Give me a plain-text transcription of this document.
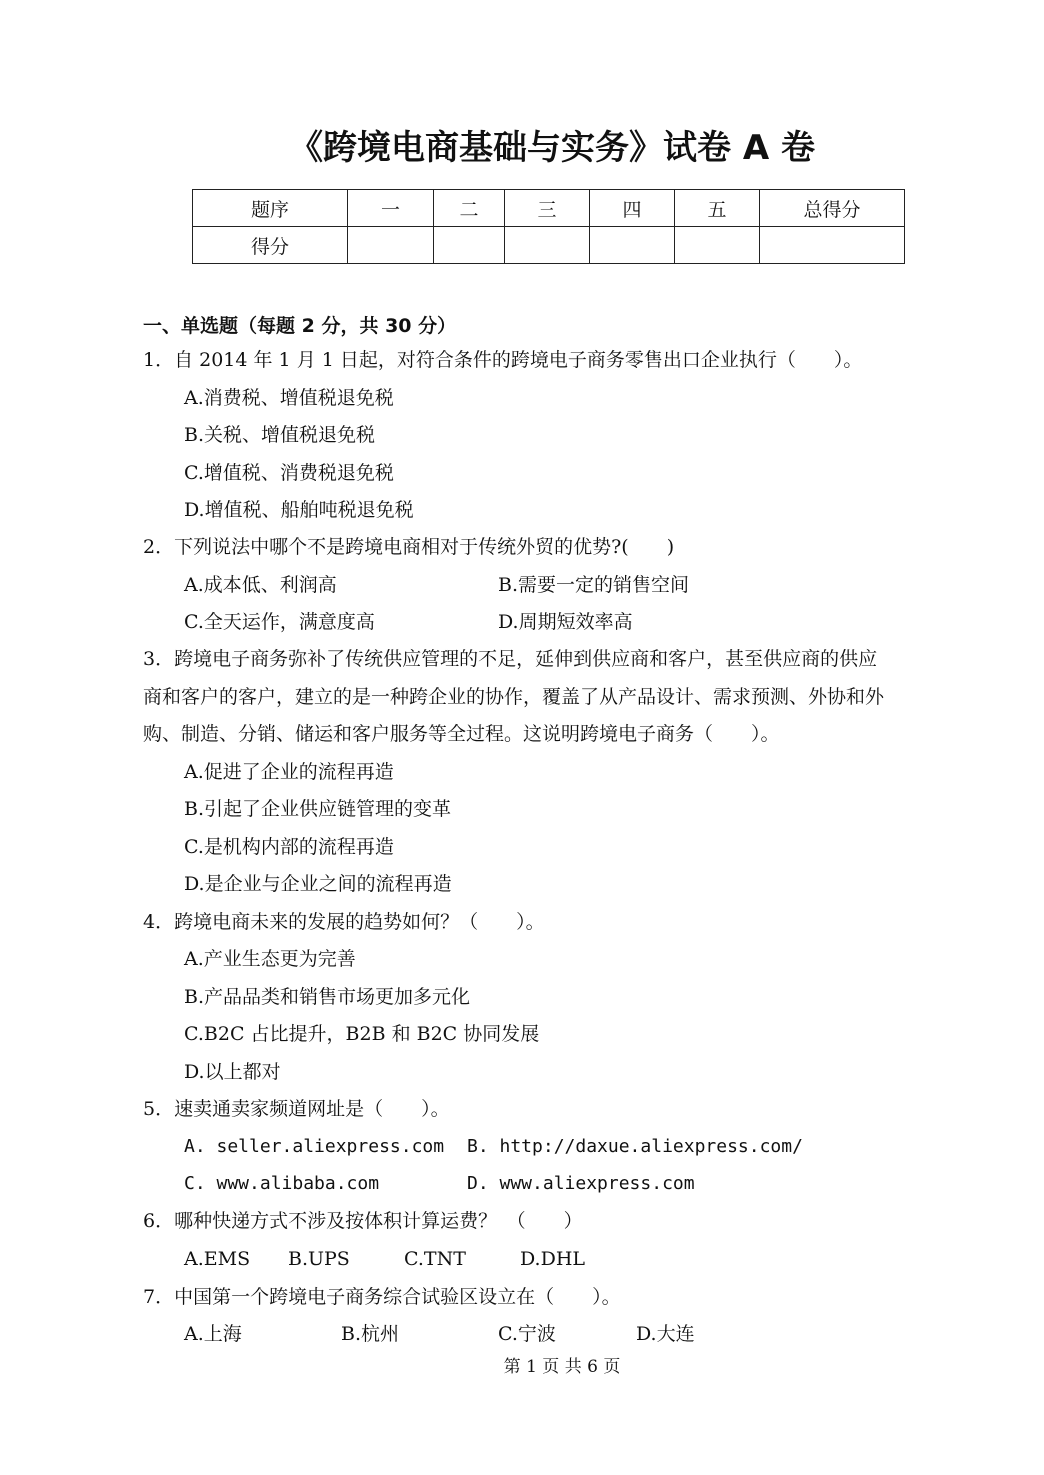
《跨境电商基础与实务》试卷 A 卷
题序	一	二	三	四	五	总得分
得分						
一、单选题（每题 2 分，共 30 分）
1．自 2014 年 1 月 1 日起，对符合条件的跨境电子商务零售出口企业执行（　　）。
A.消费税、增值税退免税
B.关税、增值税退免税
C.增值税、消费税退免税
D.增值税、船舶吨税退免税
2．下列说法中哪个不是跨境电商相对于传统外贸的优势?(　　)
A.成本低、利润高	B.需要一定的销售空间
C.全天运作，满意度高	D.周期短效率高
3．跨境电子商务弥补了传统供应管理的不足，延伸到供应商和客户，甚至供应商的供应
商和客户的客户，建立的是一种跨企业的协作，覆盖了从产品设计、需求预测、外协和外
购、制造、分销、储运和客户服务等全过程。这说明跨境电子商务（　　）。
A.促进了企业的流程再造
B.引起了企业供应链管理的变革
C.是机构内部的流程再造
D.是企业与企业之间的流程再造
4．跨境电商未来的发展的趋势如何？（　　）。
A.产业生态更为完善
B.产品品类和销售市场更加多元化
C.B2C 占比提升，B2B 和 B2C 协同发展
D.以上都对
5．速卖通卖家频道网址是（　　）。
A. seller.aliexpress.com B. http://daxue.aliexpress.com/
C. www.alibaba.com	D. www.aliexpress.com
6．哪种快递方式不涉及按体积计算运费？　（　　）
A.EMS B.UPS	C.TNT	D.DHL
7．中国第一个跨境电子商务综合试验区设立在（　　）。
A.上海	B.杭州	C.宁波	D.大连
第 1 页 共 6 页
